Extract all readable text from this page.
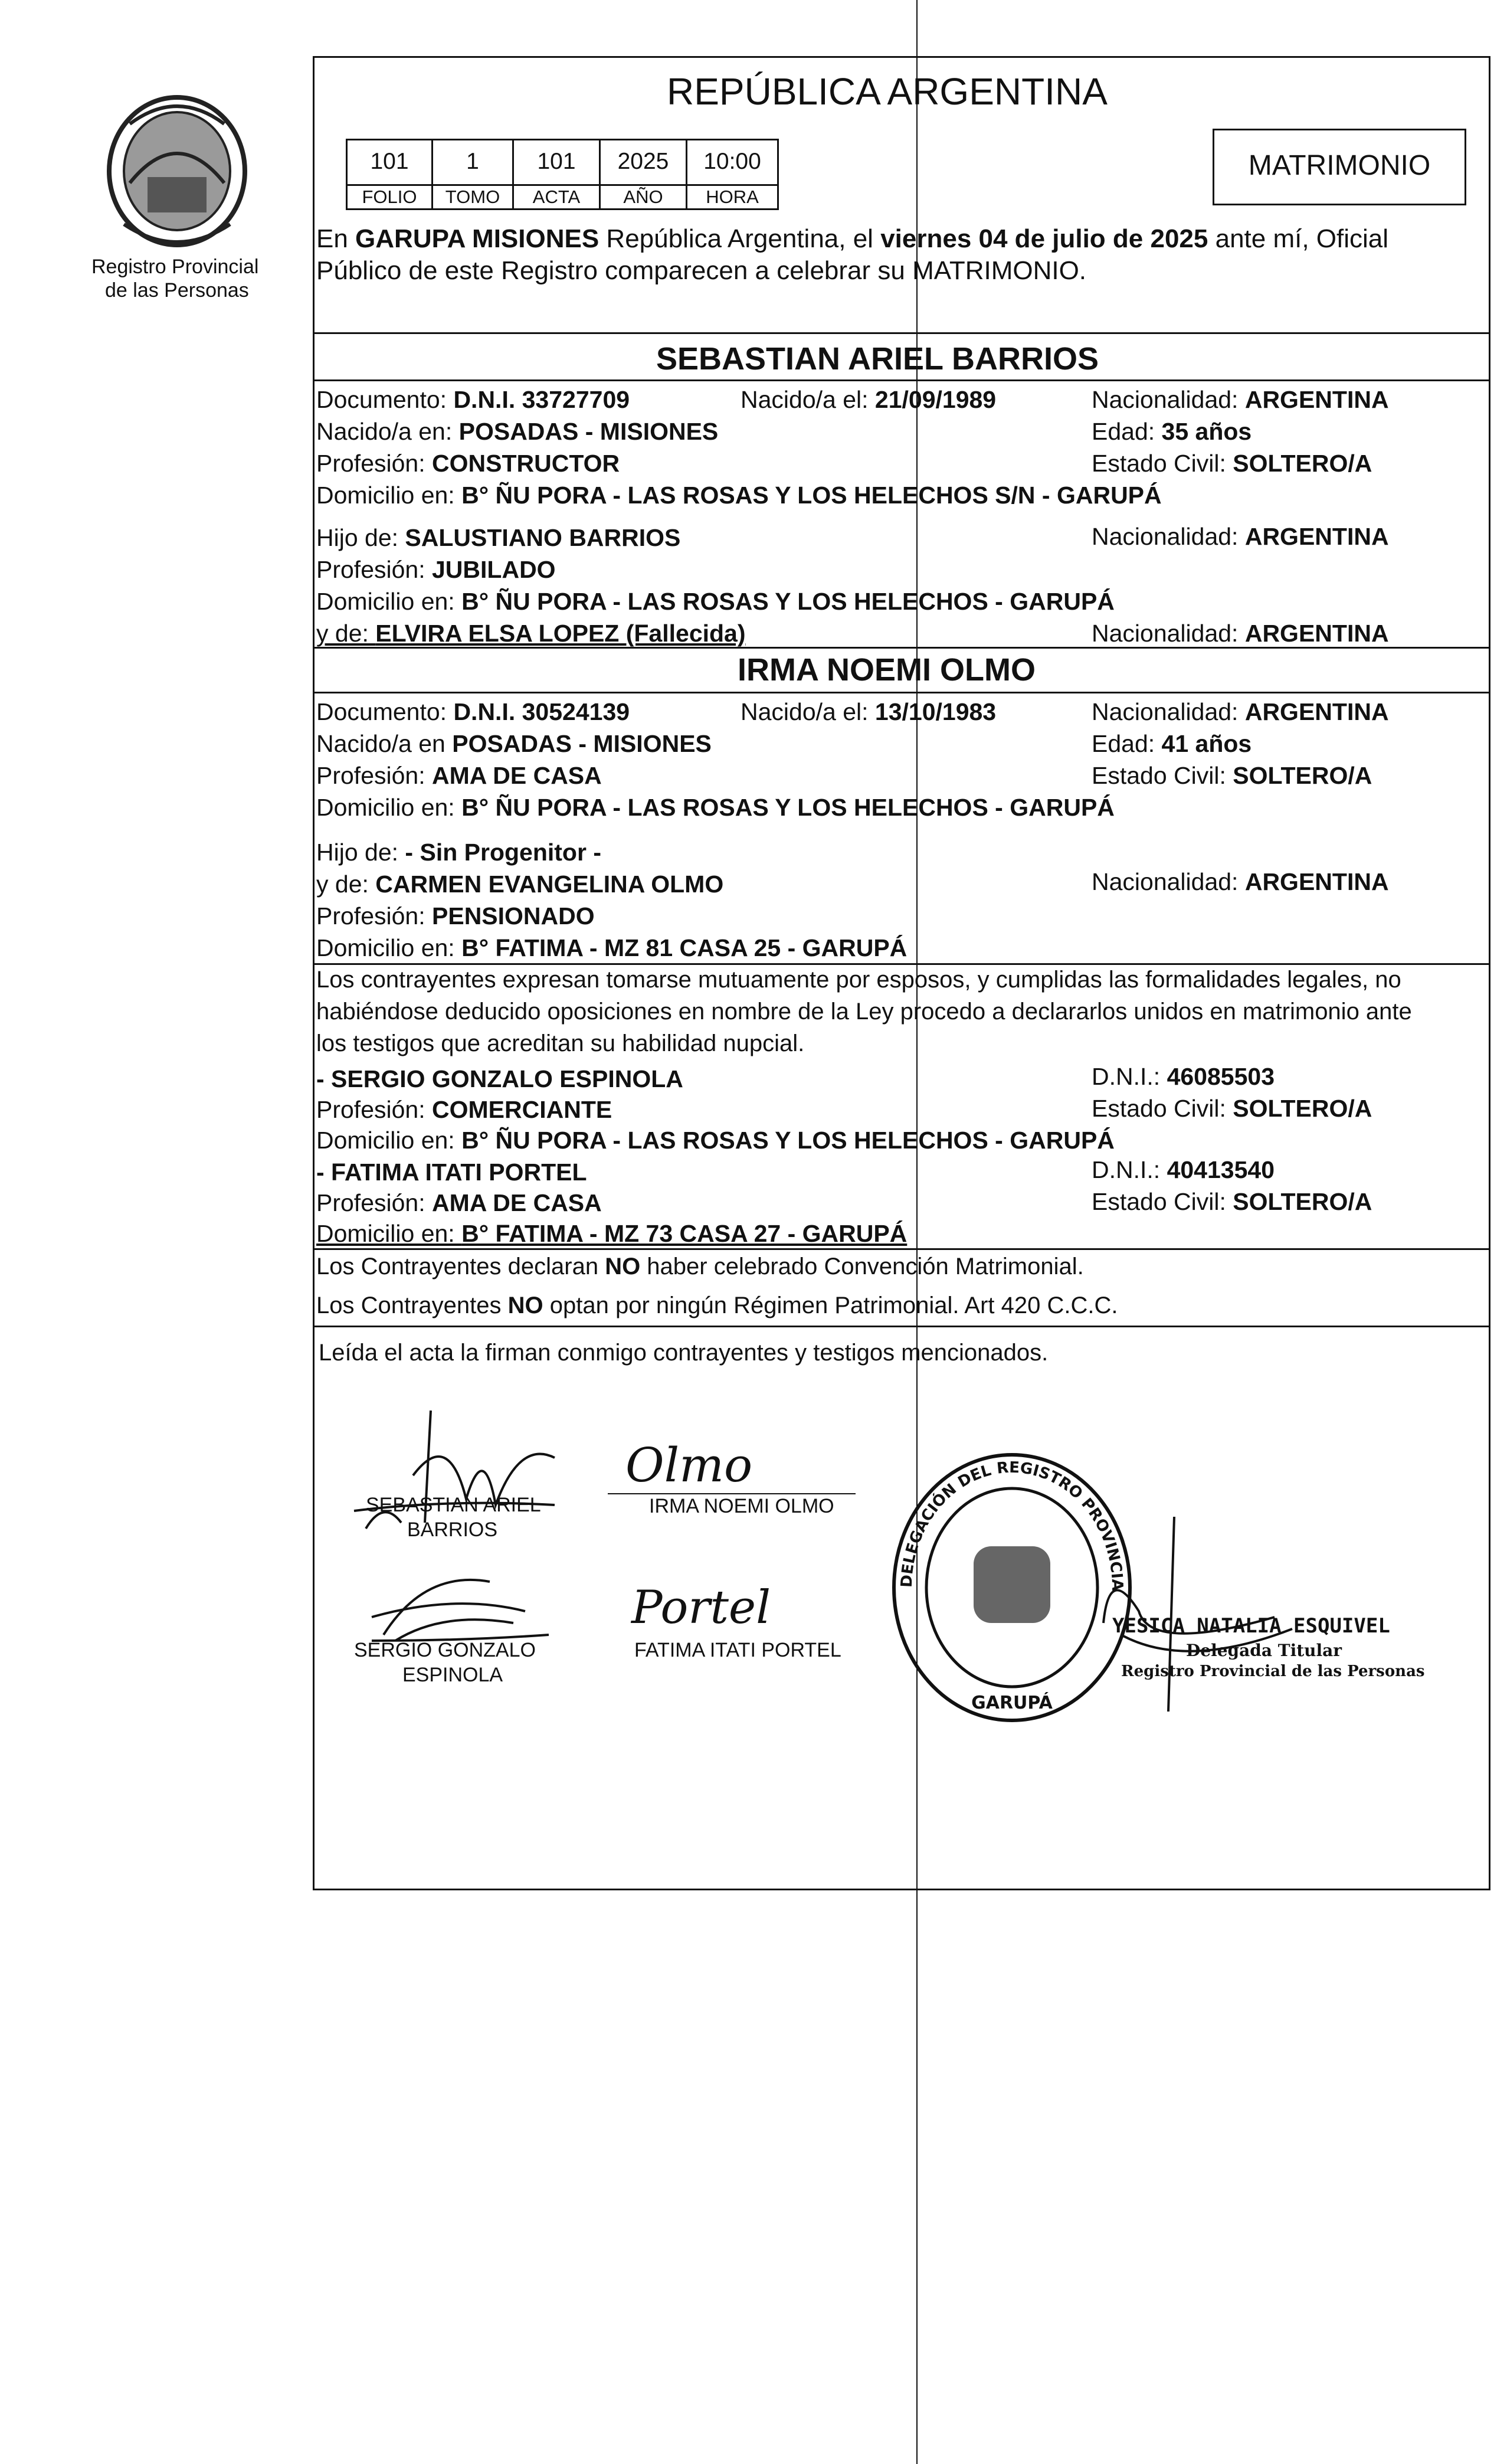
Registro Provincial
de las Personas
REPÚBLICA ARGENTINA
101	1	101	2025	10:00
FOLIO	TOMO	ACTA	AÑO	HORA
MATRIMONIO
En GARUPA MISIONES República Argentina, el viernes 04 de julio de 2025 ante mí, Oficial
Público de este Registro comparecen a celebrar su MATRIMONIO.
SEBASTIAN ARIEL BARRIOS
Documento: D.N.I. 33727709	Nacido/a el: 21/09/1989	Nacionalidad: ARGENTINA
Nacido/a en: POSADAS - MISIONES	Edad: 35 años
Profesión: CONSTRUCTOR	Estado Civil: SOLTERO/A
Domicilio en: B° ÑU PORA - LAS ROSAS Y LOS HELECHOS S/N - GARUPÁ
Hijo de: SALUSTIANO BARRIOS	Nacionalidad: ARGENTINA
Profesión: JUBILADO
Domicilio en: B° ÑU PORA - LAS ROSAS Y LOS HELECHOS - GARUPÁ
y de: ELVIRA ELSA LOPEZ (Fallecida)	Nacionalidad: ARGENTINA
IRMA NOEMI OLMO
Documento: D.N.I. 30524139	Nacido/a el: 13/10/1983	Nacionalidad: ARGENTINA
Nacido/a en POSADAS - MISIONES	Edad: 41 años
Profesión: AMA DE CASA	Estado Civil: SOLTERO/A
Domicilio en: B° ÑU PORA - LAS ROSAS Y LOS HELECHOS - GARUPÁ
Hijo de: - Sin Progenitor -
y de: CARMEN EVANGELINA OLMO	Nacionalidad: ARGENTINA
Profesión: PENSIONADO
Domicilio en: B° FATIMA - MZ 81 CASA 25 - GARUPÁ
Los contrayentes expresan tomarse mutuamente por esposos, y cumplidas las formalidades legales, no
habiéndose deducido oposiciones en nombre de la Ley procedo a declararlos unidos en matrimonio ante
los testigos que acreditan su habilidad nupcial.
- SERGIO GONZALO ESPINOLA	D.N.I.: 46085503
Profesión: COMERCIANTE	Estado Civil: SOLTERO/A
Domicilio en: B° ÑU PORA - LAS ROSAS Y LOS HELECHOS - GARUPÁ
- FATIMA ITATI PORTEL	D.N.I.: 40413540
Profesión: AMA DE CASA	Estado Civil: SOLTERO/A
Domicilio en: B° FATIMA - MZ 73 CASA 27 - GARUPÁ
Los Contrayentes declaran NO haber celebrado Convención Matrimonial.
Los Contrayentes NO optan por ningún Régimen Patrimonial. Art 420 C.C.C.
Leída el acta la firman conmigo contrayentes y testigos mencionados.
SEBASTIAN ARIEL
BARRIOS
Olmo
IRMA NOEMI OLMO
SERGIO GONZALO
ESPINOLA
Portel
FATIMA ITATI PORTEL
DELEGACIÓN DEL REGISTRO PROVINCIAL DE LAS PERSONAS
GARUPÁ
YESICA NATALIA ESQUIVEL
Delegada Titular
Registro Provincial de las Personas
